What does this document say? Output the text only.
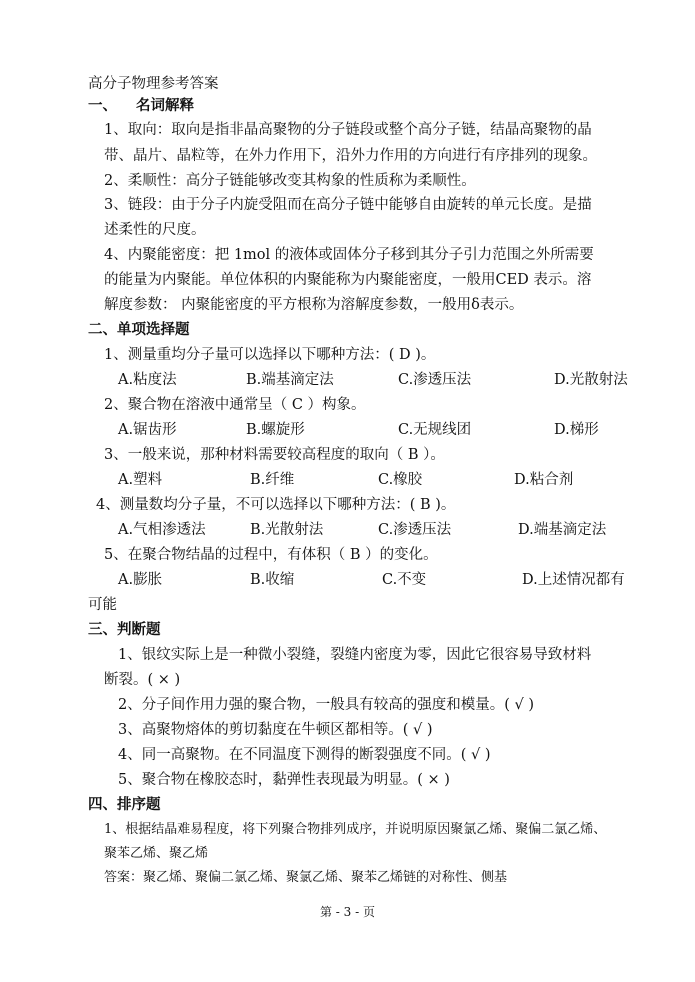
高分子物理参考答案
一、 名词解释
1、取向：取向是指非晶高聚物的分子链段或整个高分子链，结晶高聚物的晶
带、晶片、晶粒等，在外力作用下，沿外力作用的方向进行有序排列的现象。
2、柔顺性：高分子链能够改变其构象的性质称为柔顺性。
3、链段：由于分子内旋受阻而在高分子链中能够自由旋转的单元长度。是描
述柔性的尺度。
4、内聚能密度：把 1mol 的液体或固体分子移到其分子引力范围之外所需要
的能量为内聚能。单位体积的内聚能称为内聚能密度，一般用CED 表示。溶
解度参数： 内聚能密度的平方根称为溶解度参数，一般用δ表示。
二、单项选择题
1、测量重均分子量可以选择以下哪种方法：( D )。
A.粘度法	B.端基滴定法	C.渗透压法	D.光散射法
2、聚合物在溶液中通常呈（ C ）构象。
A.锯齿形	B.螺旋形	C.无规线团	D.梯形
3、一般来说，那种材料需要较高程度的取向（ B ）。
A.塑料	B.纤维	C.橡胶	D.粘合剂
4、测量数均分子量，不可以选择以下哪种方法：( B )。
A.气相渗透法	B.光散射法	C.渗透压法	D.端基滴定法
5、在聚合物结晶的过程中，有体积（ B ）的变化。
A.膨胀	B.收缩	C.不变	D.上述情况都有
可能
三、判断题
1、银纹实际上是一种微小裂缝，裂缝内密度为零，因此它很容易导致材料
断裂。( × )
2、分子间作用力强的聚合物，一般具有较高的强度和模量。( √ )
3、高聚物熔体的剪切黏度在牛顿区都相等。( √ )
4、同一高聚物。在不同温度下测得的断裂强度不同。( √ )
5、聚合物在橡胶态时，黏弹性表现最为明显。( × )
四、排序题
1、根据结晶难易程度，将下列聚合物排列成序，并说明原因聚氯乙烯、聚偏二氯乙烯、
聚苯乙烯、聚乙烯
答案：聚乙烯、聚偏二氯乙烯、聚氯乙烯、聚苯乙烯链的对称性、侧基
第 - 3 - 页
